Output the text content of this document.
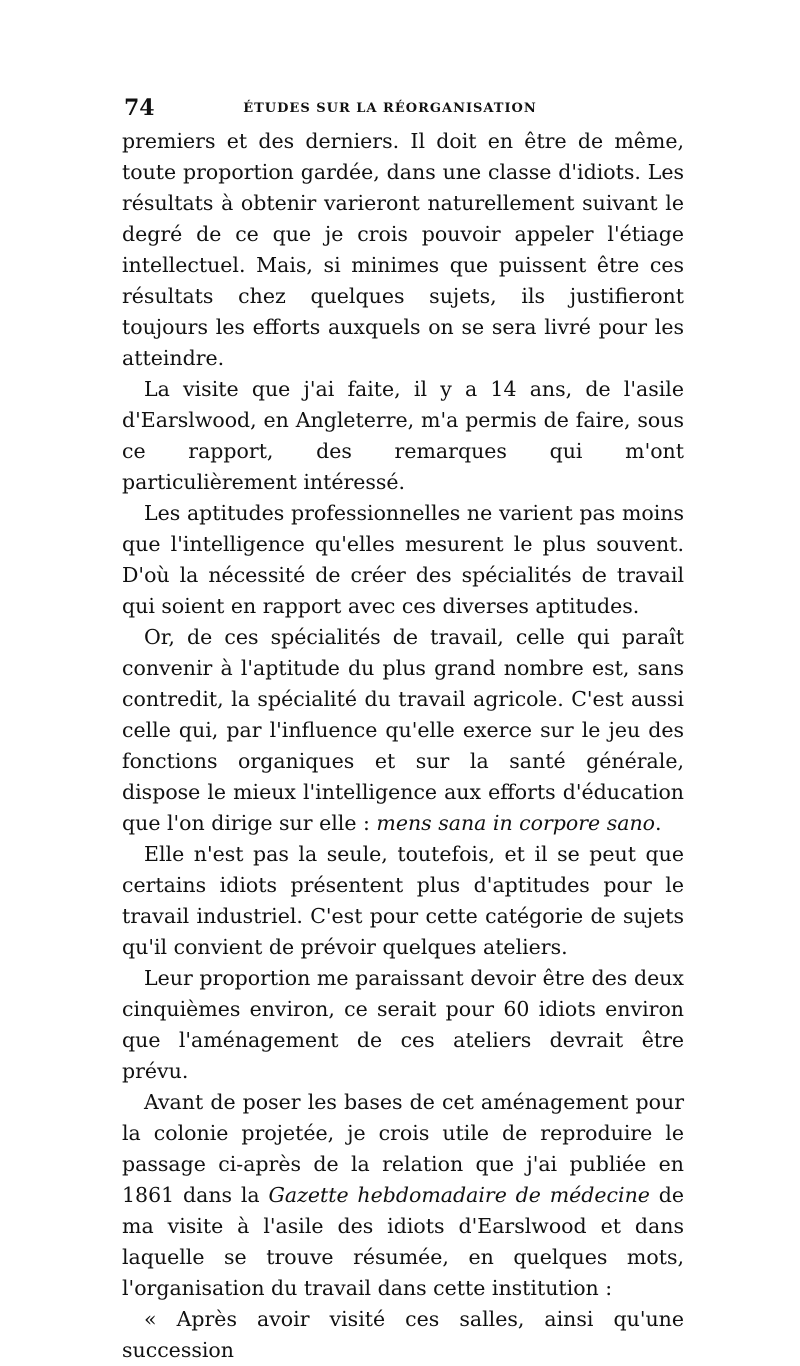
74	ÉTUDES SUR LA RÉORGANISATION

premiers et des derniers. Il doit en être de même, toute proportion gardée, dans une classe d'idiots. Les résultats à obtenir varieront naturellement suivant le degré de ce que je crois pouvoir appeler l'étiage intellectuel. Mais, si minimes que puissent être ces résultats chez quelques sujets, ils justifieront toujours les efforts auxquels on se sera livré pour les atteindre.

La visite que j'ai faite, il y a 14 ans, de l'asile d'Earslwood, en Angleterre, m'a permis de faire, sous ce rapport, des remarques qui m'ont particulièrement intéressé.

Les aptitudes professionnelles ne varient pas moins que l'intelligence qu'elles mesurent le plus souvent. D'où la nécessité de créer des spécialités de travail qui soient en rapport avec ces diverses aptitudes.

Or, de ces spécialités de travail, celle qui paraît convenir à l'aptitude du plus grand nombre est, sans contredit, la spécialité du travail agricole. C'est aussi celle qui, par l'influence qu'elle exerce sur le jeu des fonctions organiques et sur la santé générale, dispose le mieux l'intelligence aux efforts d'éducation que l'on dirige sur elle : mens sana in corpore sano.

Elle n'est pas la seule, toutefois, et il se peut que certains idiots présentent plus d'aptitudes pour le travail industriel. C'est pour cette catégorie de sujets qu'il convient de prévoir quelques ateliers.

Leur proportion me paraissant devoir être des deux cinquièmes environ, ce serait pour 60 idiots environ que l'aménagement de ces ateliers devrait être prévu.

Avant de poser les bases de cet aménagement pour la colonie projetée, je crois utile de reproduire le passage ci-après de la relation que j'ai publiée en 1861 dans la Gazette hebdomadaire de médecine de ma visite à l'asile des idiots d'Earslwood et dans laquelle se trouve résumée, en quelques mots, l'organisation du travail dans cette institution :

« Après avoir visité ces salles, ainsi qu'une succession
